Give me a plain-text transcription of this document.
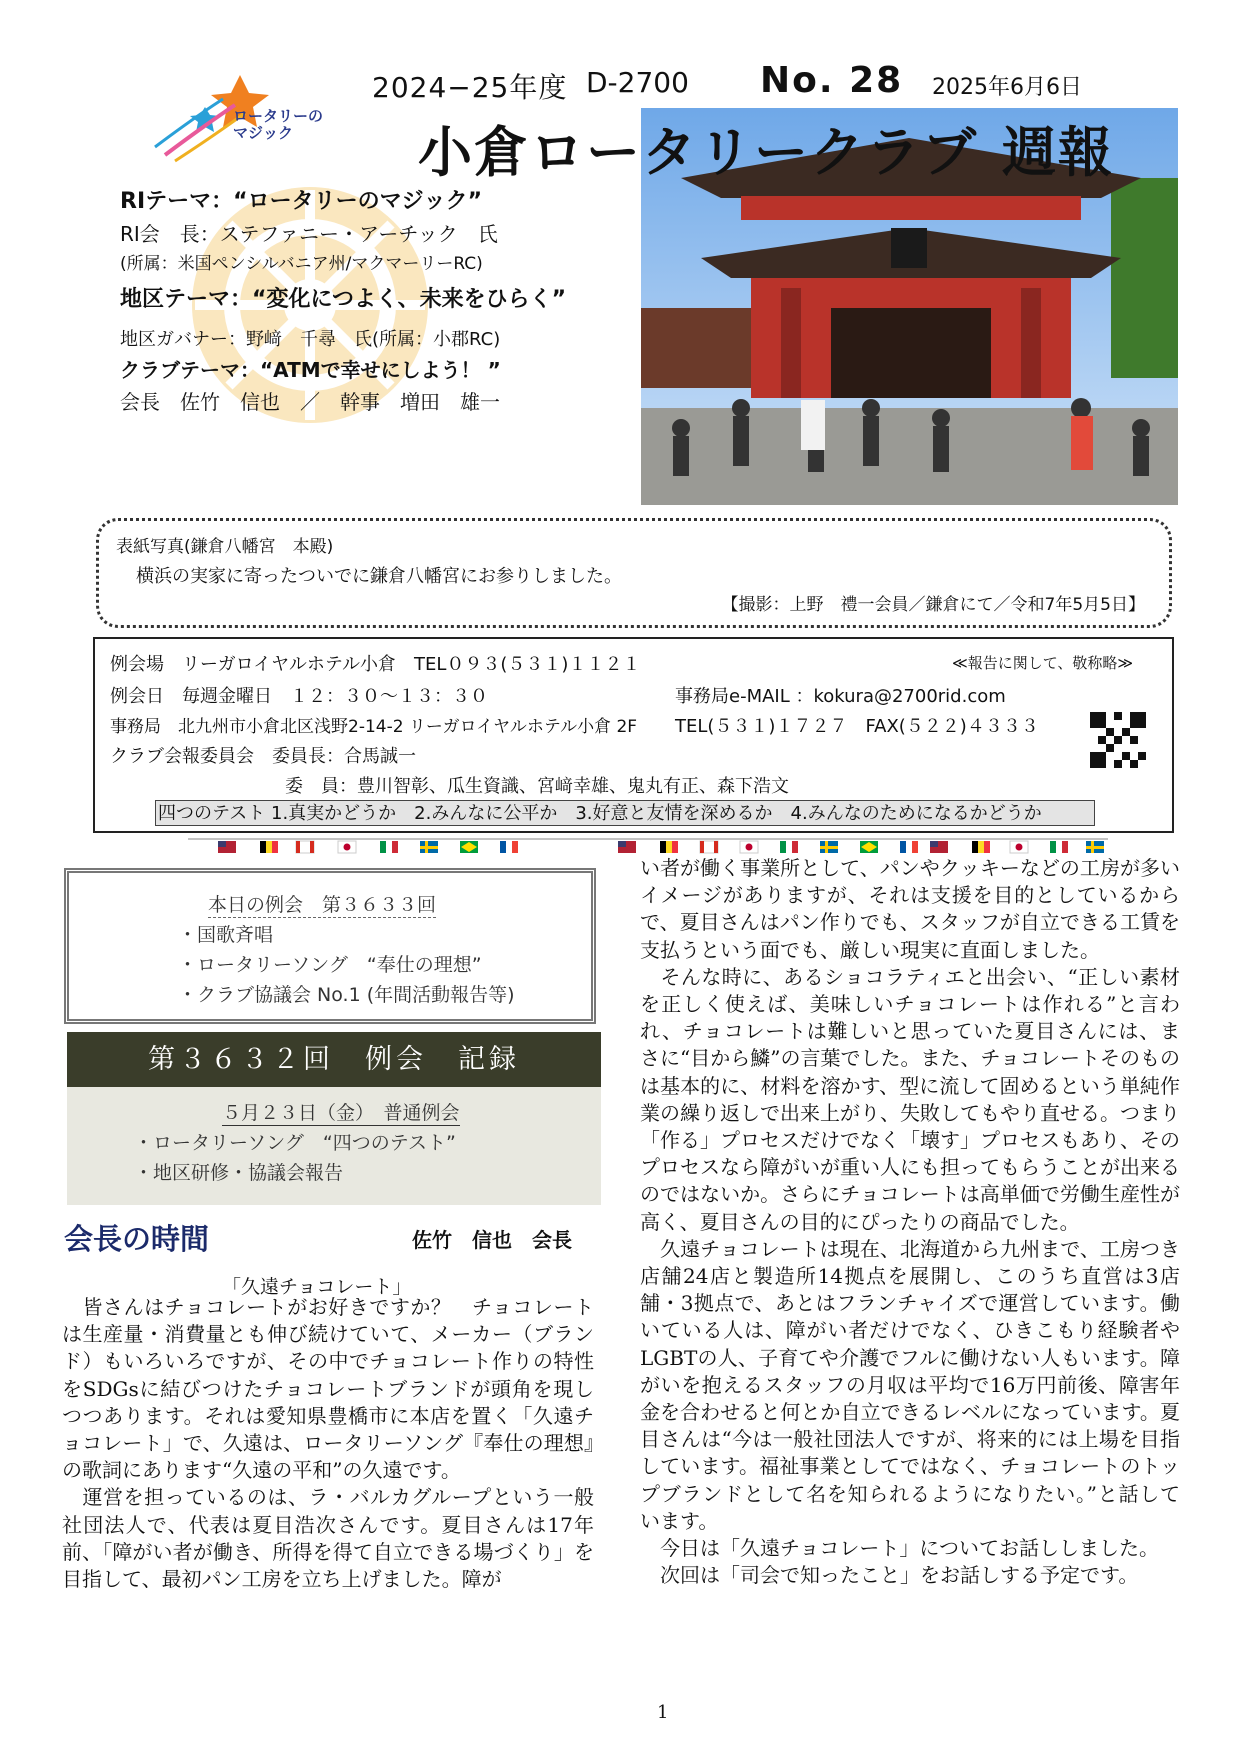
ロータリーの
マジック
2024−25年度 D-2700 No. 28 2025年6月6日
小倉ロータリークラブ 週報
RIテーマ：“ロータリーのマジック”
RI会　長：ステファニー・アーチック　氏
(所属：米国ペンシルバニア州/マクマーリーRC)
地区テーマ：“変化につよく、未来をひらく”
地区ガバナー：野﨑　千尋　氏(所属：小郡RC)
クラブテーマ：“ATMで幸せにしよう！ ”
会長　佐竹　信也　／　幹事　増田　雄一
表紙写真(鎌倉八幡宮　本殿)
横浜の実家に寄ったついでに鎌倉八幡宮にお参りしました。
【撮影：上野　禮一会員／鎌倉にて／令和7年5月5日】
例会場　リーガロイヤルホテル小倉　TEL０９３(５３１)１１２１	≪報告に関して、敬称略≫
例会日　毎週金曜日　１２：３０〜１３：３０	事務局e-MAIL ：kokura@2700rid.com
事務局　北九州市小倉北区浅野2-14-2 リーガロイヤルホテル小倉 2F TEL(５３１)１７２７　FAX(５２２)４３３３
クラブ会報委員会　委員長：合馬誠一
委　員：豊川智彰、瓜生資識、宮﨑幸雄、鬼丸有正、森下浩文
四つのテスト 1.真実かどうか　2.みんなに公平か　3.好意と友情を深めるか　4.みんなのためになるかどうか
本日の例会　第３６３３回
・国歌斉唱
・ロータリーソング　“奉仕の理想”
・クラブ協議会 No.1 (年間活動報告等)
第３６３２回　例会　記録
５月２３日（金）　普通例会
・ロータリーソング　“四つのテスト”
・地区研修・協議会報告
会長の時間	佐竹　信也　会長
「久遠チョコレート」

　皆さんはチョコレートがお好きですか？　チョコレートは生産量・消費量とも伸び続けていて、メーカー（ブランド）もいろいろですが、その中でチョコレート作りの特性をSDGsに結びつけたチョコレートブランドが頭角を現しつつあります。それは愛知県豊橋市に本店を置く「久遠チョコレート」で、久遠は、ロータリーソング『奉仕の理想』の歌詞にあります“久遠の平和”の久遠です。

　運営を担っているのは、ラ・バルカグループという一般社団法人で、代表は夏目浩次さんです。夏目さんは17年前、「障がい者が働き、所得を得て自立できる場づくり」を目指して、最初パン工房を立ち上げました。障が

い者が働く事業所として、パンやクッキーなどの工房が多いイメージがありますが、それは支援を目的としているからで、夏目さんはパン作りでも、スタッフが自立できる工賃を支払うという面でも、厳しい現実に直面しました。

　そんな時に、あるショコラティエと出会い、“正しい素材を正しく使えば、美味しいチョコレートは作れる”と言われ、チョコレートは難しいと思っていた夏目さんには、まさに“目から鱗”の言葉でした。また、チョコレートそのものは基本的に、材料を溶かす、型に流して固めるという単純作業の繰り返しで出来上がり、失敗してもやり直せる。つまり「作る」プロセスだけでなく「壊す」プロセスもあり、そのプロセスなら障がいが重い人にも担ってもらうことが出来るのではないか。さらにチョコレートは高単価で労働生産性が高く、夏目さんの目的にぴったりの商品でした。

　久遠チョコレートは現在、北海道から九州まで、工房つき店舗24店と製造所14拠点を展開し、このうち直営は3店舗・3拠点で、あとはフランチャイズで運営しています。働いている人は、障がい者だけでなく、ひきこもり経験者やLGBTの人、子育てや介護でフルに働けない人もいます。障がいを抱えるスタッフの月収は平均で16万円前後、障害年金を合わせると何とか自立できるレベルになっています。夏目さんは“今は一般社団法人ですが、将来的には上場を目指しています。福祉事業としてではなく、チョコレートのトップブランドとして名を知られるようになりたい。”と話しています。

　今日は「久遠チョコレート」についてお話ししました。

　次回は「司会で知ったこと」をお話しする予定です。

1
